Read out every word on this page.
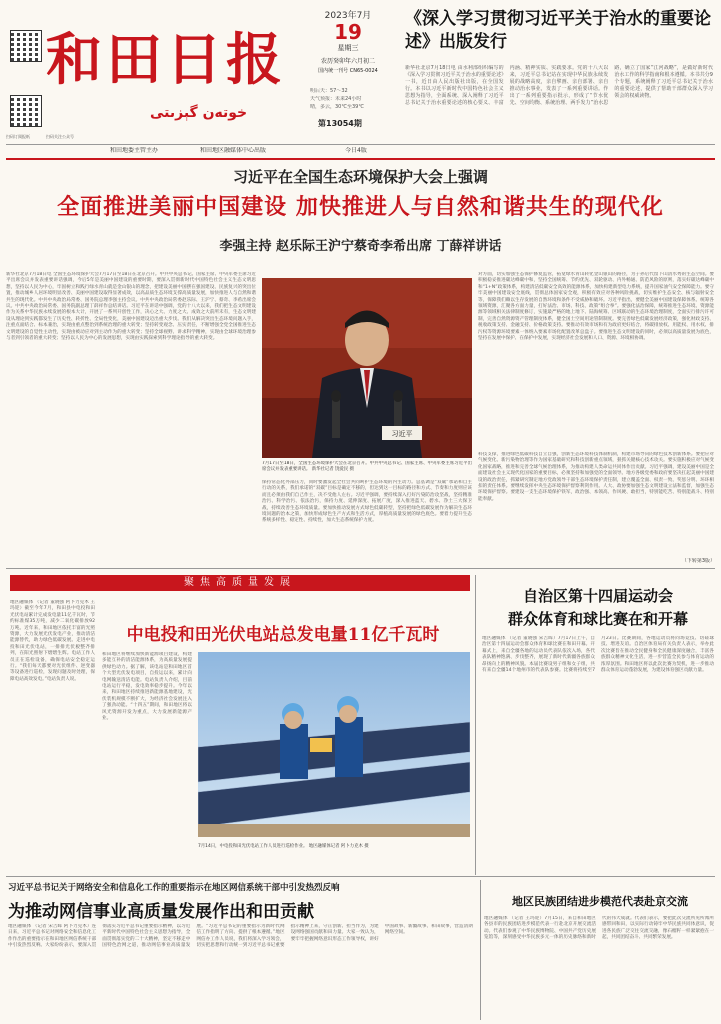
扫码订阅报纸	扫码关注公众号
和田日报
خوتەن گېزىتى
2023年7月
19
星期三
农历癸卯年六月初二
国内统一刊号 CN65-0024
明后天：57～32
天气预报：未来24小时
晴，多云，30℃至39℃
第13054期
《深入学习贯彻习近平关于治水的重要论述》出版发行
新华社北京7月18日电 由水利部组织编写的《深入学习贯彻习近平关于治水的重要论述》一书，近日由人民出版社出版，在全国发行。本书以习近平新时代中国特色社会主义思想为指导，全面系统、深入阐释了习近平总书记关于治水重要论述的核心要义、丰富内涵、精神实质、实践要求。党的十八大以来，习近平总书记站在实现中华民族永续发展的战略高度，亲自擘画、亲自部署、亲自推动治水事业，发表了一系列重要讲话。作出了一系列重要指示批示，形成了“节水优先、空间均衡、系统治理、两手发力”治水思路，确立了国家“江河战略”，是做好新时代治水工作的科学指南和根本遵循。本书共分9个专题，系统阐释了习近平总书记关于治水的重要论述，提供了帮助干部群众深入学习领会的权威读物。
和田地委主管主办	和田地区融媒体中心出版	今日4版
习近平在全国生态环境保护大会上强调
全面推进美丽中国建设 加快推进人与自然和谐共生的现代化
李强主持 赵乐际王沪宁蔡奇李希出席 丁薛祥讲话
新华社北京7月18日电 全国生态环境保护大会7月17日至18日在北京召开。中共中央总书记、国家主席、中央军委主席习近平出席会议并发表重要讲话强调，今后5年是美丽中国建设的重要时期，要深入贯彻新时代中国特色社会主义生态文明思想，坚持以人民为中心，牢固树立和践行绿水青山就是金山银山的理念，把建设美丽中国摆在强国建设、民族复兴的突出位置，推动城乡人居环境明显改善、美丽中国建设取得显著成效，以高品质生态环境支撑高质量发展，加快推进人与自然和谐共生的现代化。中共中央政治局常委、国务院总理李强主持会议。中共中央政治局常委赵乐际、王沪宁、蔡奇、李希出席会议。中共中央政治局常委、国务院副总理丁薛祥作总结讲话。习近平在讲话中强调，党的十八大以来，我们把生态文明建设作为关系中华民族永续发展的根本大计，开展了一系列开创性工作，决心之大、力度之大、成效之大前所未有，生态文明建设从理论到实践都发生了历史性、转折性、全局性变化，美丽中国建设迈出重大步伐。我们从解决突出生态环境问题入手，注重点面结合、标本兼治，实现由重点整治到系统治理的重大转变；坚持转变观念、压实责任，不断增强全党全国推进生态文明建设的自觉性主动性，实现由被动应对到主动作为的重大转变；坚持全球视野、讲求科学精神，实现由全球环境治理参与者到引领者的重大转变；坚持以人民为中心的发展思想，实现由实践探索到科学理论指导的重大转变。
习近平
7月17日至18日，全国生态环境保护大会在北京召开。中共中央总书记、国家主席、中央军委主席习近平出席会议并发表重要讲话。 新华社记者 饶爱民 摄
保持常态化外部压力，同时要激发起全社会共同呵护生态环境的内生动力。总基调是“双碳”承诺和自主行动的关系，我们承诺的“双碳”目标是确定不移的，但达到这一目标的路径和方式、节奏和力度则应该而且必须由我们自己作主，决不受他人左右。习近平强调，要持续深入打好污染防治攻坚战，坚持精准治污、科学治污、依法治污，保持力度、延伸深度、拓展广度，深入推进蓝天、碧水、净土三大保卫战，持续改善生态环境质量。要加快推动发展方式绿色低碳转型，坚持把绿色低碳发展作为解决生态环境问题的治本之策，加快形成绿色生产方式和生活方式，厚植高质量发展的绿色底色。要着力提升生态系统多样性、稳定性、持续性，加大生态系统保护力度。
对方面，切实加强生态保护修复监管，拓宽绿水青山转化金山银山的路径，为子孙后代留下山清水秀的生态空间。要积极稳妥推进碳达峰碳中和，坚持全国统筹、节约优先、双轮驱动、内外畅通、防范风险的原则，落实好碳达峰碳中和“1+N”政策体系，构建清洁低碳安全高效的能源体系，加快构建新型电力系统，提升国家油气安全保障能力。要守牢美丽中国建设安全底线，贯彻总体国家安全观，积极有效应对各种风险挑战，切实维护生态安全、核与辐射安全等，保障我们赖以生存发展的自然环境和条件不受威胁和破坏。习近平指出，要健全美丽中国建设保障体系。统筹各领域资源，汇聚各方面力量，打好法治、市场、科技、政策“组合拳”。要强化法治保障，统筹推进生态环境、资源能源等领域相关法律制度修订，实施最严格的地上地下、陆海统筹、区域联动的生态环境治理制度，全面实行排污许可制，完善自然资源资产管理制度体系，健全国土空间用途管制制度。要完善绿色低碳发展经济政策，强化财政支持、税收政策支持、金融支持、价格政策支持。要推动有效市场和有为政府更好结合，将碳排放权、用能权、用水权、排污权等资源环境要素一体纳入要素市场化配置改革总盘子。要推进生态文明建设的同时，必须以高质量发展为底色，坚持在发展中保护、在保护中发展，实现经济社会发展和人口、资源、环境相协调。
科技支撑，推进绿色低碳科技自立自强，创新生态环境科技体制机制，构建市场导向的绿色技术创新体系。要把应对气候变化、新污染物治理等作为国家基础研究和科技创新重点领域，狠抓关键核心技术攻关。要实施积极应对气候变化国家战略，推进和完善全球气候治理体系，为推动构建人类命运共同体作出贡献。习近平强调，建设美丽中国是全面建设社会主义现代化国家的重要目标，必须坚持和加强党的全面领导。地方各级党委和政府要坚决扛起美丽中国建设的政治责任，抓紧研究制定地方党政领导干部生态环境保护责任制，建立覆盖全面、权责一致、奖惩分明、环环相扣的责任体系。要继续发挥中央生态环境保护督察利剑作用。人大、政协要加强生态文明建设立法和监督，加强生态环境保护督察。要建设一支生态环境保护铁军，政治强、本领高、作风硬、敢担当，特别能吃苦、特别能战斗、特别能奉献。
（下转第3版）
聚焦高质量发展
中电投和田光伏电站总发电量11亿千瓦时
地区融媒体 （记者 董晓强 阿卜力克木 王玛迎）截至今年7月，和田县中电投和田光伏电站累计完成发电量11亿千瓦时，节约标准煤35万吨，减少二氧化碳排放92万吨。近年来，和田地区依托丰富的光照资源，大力发展光伏发电产业，推动清洁能源替代，助力绿色低碳发展。走进中电投和田光伏电站，一排排光伏板整齐排列，在阳光照射下熠熠生辉。电站工作人员正在巡检设备，确保电站安全稳定运行。“我们每天都要对光伏组件、逆变器等设备进行巡检，发现问题及时处理，保障电站高效发电。”电站负责人说。
和田地区将继续加快新能源项目建设，构建多能互补的清洁能源体系，为高质量发展提供绿色动力。据了解，该电站是和田地区首个大型光伏发电项目，自投运以来，累计向电网输送清洁电能。电站负责人介绍，目前电站运行平稳，发电效率稳步提升。今年以来，和田地区持续推进新能源基地建设，光伏装机规模不断扩大，为经济社会发展注入了强劲动能。“十四五”期间，和田地区将以风光资源开发为重点，大力发展新能源产业。
7月14日，中电投和田光伏电站工作人员进行巡检作业。 地区融媒体记者 阿卜力克木 摄
自治区第十四届运动会
群众体育和球比赛在和开幕
地区融媒体 （记者 董晓强 宋吉晖）7月17日上午，自治区第十四届运动会群众体育和球比赛在和田开幕。开幕式上，来自全疆各地的运动员代表队依次入场，各代表队精神饱满、步伐整齐，展现了新时代新疆各族群众昂扬向上的精神风貌。本届比赛设男子组和女子组，共有来自全疆14个地州市的代表队参赛。比赛将持续至7月23日。比赛期间，各地运动员将同场竞技、切磋球技、增进友谊。自治区体育局有关负责人表示，举办此次比赛旨在推动全民健身和全民健康深度融合，丰富各族群众精神文化生活，进一步营造全民参与体育运动的浓厚氛围。和田地区将以此次比赛为契机，进一步推动群众体育运动蓬勃发展，为建设体育强区贡献力量。
习近平总书记关于网络安全和信息化工作的重要指示在地区网信系统干部中引发热烈反响
为推动网信事业高质量发展作出和田贡献
地区融媒体 （记者 宋吉晖 阿卜力克木）连日来，习近平总书记对网络安全和信息化工作作出的重要指示在和田地区网信系统干部中引发热烈反响。大家纷纷表示，要深入贯彻落实习近平总书记重要指示精神，以习近平新时代中国特色社会主义思想为指导，全面贯彻落实党的二十大精神，坚定不移走中国特色治网之道，推动网信事业高质量发展。“习近平总书记的重要指示为新时代网信工作指明了方向、提供了根本遵循。”地区网信办工作人员说，我们将深入学习领会，切实把思想和行动统一到习近平总书记重要指示精神上来，守正创新、担当作为，为建设网络强国贡献和田力量。大家一致认为，要牢牢把握网络意识形态工作领导权，讲好中国故事、新疆故事、和田故事，营造清朗网络空间。
地区民族团结进步模范代表赴京交流
地区融媒体 （记者 王玛迎）7月15日，来自和田地区各县市的民族团结进步模范代表一行赴北京开展交流活动。代表们参观了中华民族博物院、中国共产党历史展览馆等，深刻感受中华民族多元一体的历史脉络和新时代的伟大成就。代表们表示，要把此次交流所见所闻所感带回和田，以实际行动铸牢中华民族共同体意识，促进各民族广泛交往交流交融，像石榴籽一样紧紧抱在一起，共同团结奋斗、共同繁荣发展。
